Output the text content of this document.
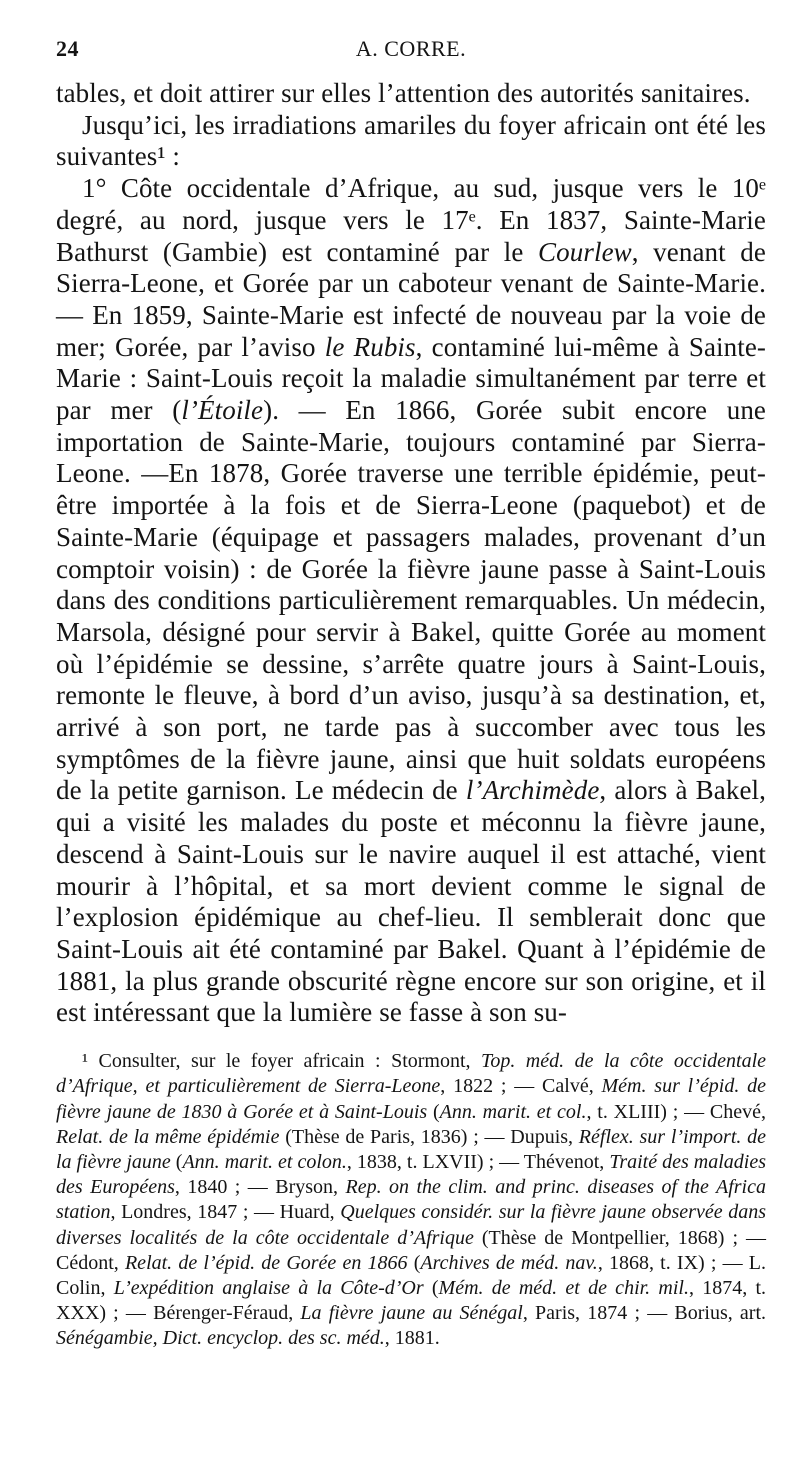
24	A. CORRE.

tables, et doit attirer sur elles l’attention des autorités sanitaires.

Jusqu’ici, les irradiations amariles du foyer africain ont été les suivantes¹ :

1° Côte occidentale d’Afrique, au sud, jusque vers le 10ᵉ degré, au nord, jusque vers le 17ᵉ. En 1837, Sainte-Marie Bathurst (Gambie) est contaminé par le Courlew, venant de Sierra-Leone, et Gorée par un caboteur venant de Sainte-Marie. — En 1859, Sainte-Marie est infecté de nouveau par la voie de mer; Gorée, par l’aviso le Rubis, contaminé lui-même à Sainte-Marie : Saint-Louis reçoit la maladie simultanément par terre et par mer (l’Étoile). — En 1866, Gorée subit encore une importation de Sainte-Marie, toujours contaminé par Sierra-Leone. —En 1878, Gorée traverse une terrible épidémie, peut-être importée à la fois et de Sierra-Leone (paquebot) et de Sainte-Marie (équipage et passagers malades, provenant d’un comptoir voisin) : de Gorée la fièvre jaune passe à Saint-Louis dans des conditions particulièrement remarquables. Un médecin, Marsola, désigné pour servir à Bakel, quitte Gorée au moment où l’épidémie se dessine, s’arrête quatre jours à Saint-Louis, remonte le fleuve, à bord d’un aviso, jusqu’à sa destination, et, arrivé à son port, ne tarde pas à succomber avec tous les symptômes de la fièvre jaune, ainsi que huit soldats européens de la petite garnison. Le médecin de l’Archimède, alors à Bakel, qui a visité les malades du poste et méconnu la fièvre jaune, descend à Saint-Louis sur le navire auquel il est attaché, vient mourir à l’hôpital, et sa mort devient comme le signal de l’explosion épidémique au chef-lieu. Il semblerait donc que Saint-Louis ait été contaminé par Bakel. Quant à l’épidémie de 1881, la plus grande obscurité règne encore sur son origine, et il est intéressant que la lumière se fasse à son su-

¹ Consulter, sur le foyer africain : Stormont, Top. méd. de la côte occidentale d’Afrique, et particulièrement de Sierra-Leone, 1822 ; — Calvé, Mém. sur l’épid. de fièvre jaune de 1830 à Gorée et à Saint-Louis (Ann. marit. et col., t. XLIII) ; — Chevé, Relat. de la même épidémie (Thèse de Paris, 1836) ; — Dupuis, Réflex. sur l’import. de la fièvre jaune (Ann. marit. et colon., 1838, t. LXVII) ; — Thévenot, Traité des maladies des Européens, 1840 ; — Bryson, Rep. on the clim. and princ. diseases of the Africa station, Londres, 1847 ; — Huard, Quelques considér. sur la fièvre jaune observée dans diverses localités de la côte occidentale d’Afrique (Thèse de Montpellier, 1868) ; — Cédont, Relat. de l’épid. de Gorée en 1866 (Archives de méd. nav., 1868, t. IX) ; — L. Colin, L’expédition anglaise à la Côte-d’Or (Mém. de méd. et de chir. mil., 1874, t. XXX) ; — Bérenger-Féraud, La fièvre jaune au Sénégal, Paris, 1874 ; — Borius, art. Sénégambie, Dict. encyclop. des sc. méd., 1881.
